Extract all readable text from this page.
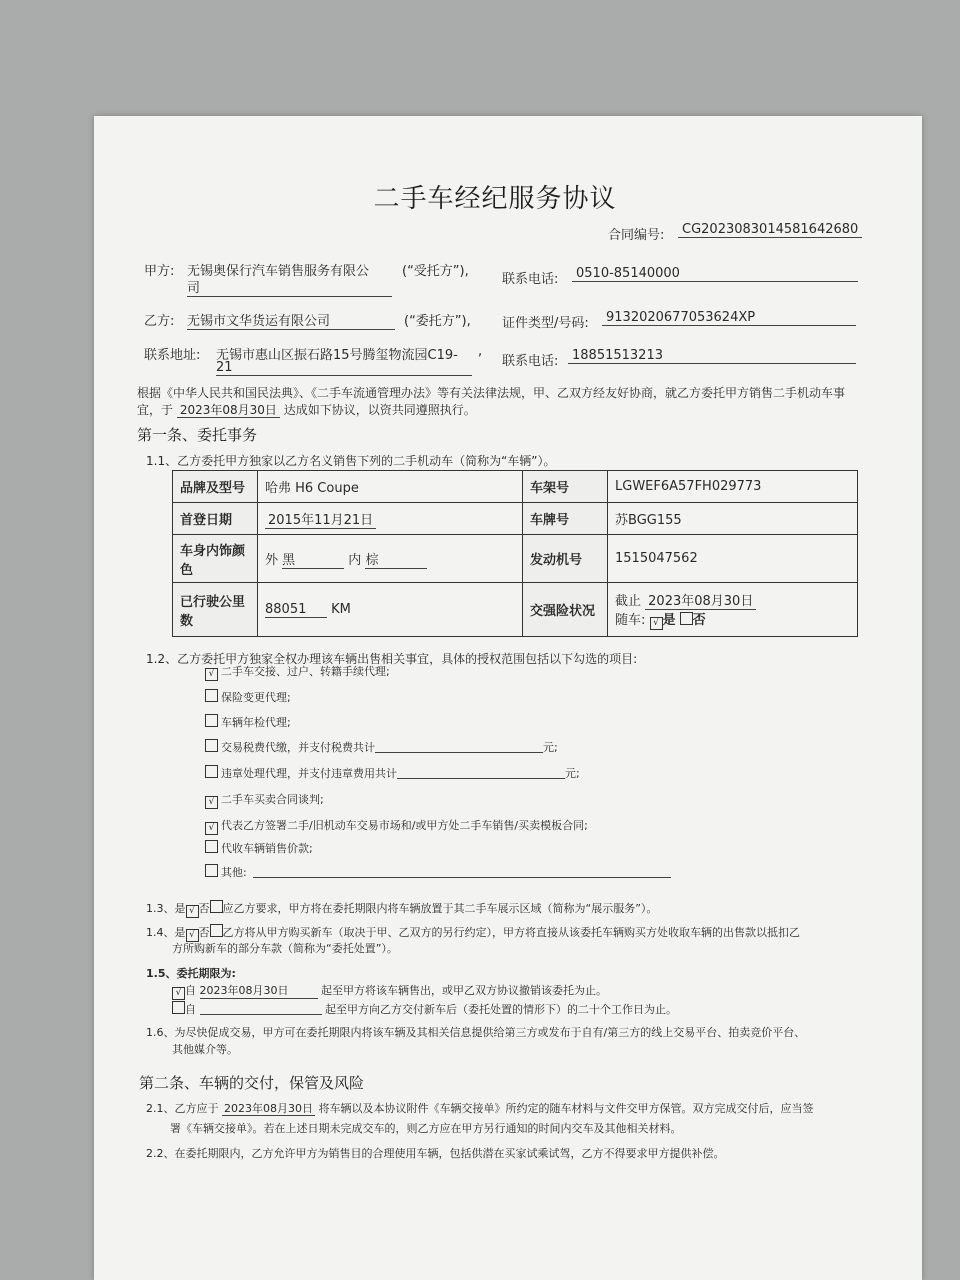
二手车经纪服务协议
合同编号:	CG2023083014581642680
甲方: 无锡奥保行汽车销售服务有限公
司
(“受托方”),
联系电话:	0510-85140000
乙方: 无锡市文华货运有限公司	(“委托方”), 证件类型/号码:	9132020677053624XP
联系地址: 无锡市惠山区振石路15号腾玺物流园C19-
21
,
联系电话:	18851513213
根据《中华人民共和国民法典》、《二手车流通管理办法》等有关法律法规，甲、乙双方经友好协商，就乙方委托甲方销售二手机动车事
宜，于 2023年08月30日 达成如下协议，以资共同遵照执行。
第一条、委托事务
1.1、乙方委托甲方独家以乙方名义销售下列的二手机动车（简称为“车辆”）。
品牌及型号	哈弗 H6 Coupe	车架号	LGWEF6A57FH029773
首登日期	2015年11月21日	车牌号	苏BGG155
车身内饰颜色	外 黑 内 棕	发动机号	1515047562
已行驶公里数	88051 KM	交强险状况	截止 2023年08月30日
随车: √ 是 否
1.2、乙方委托甲方独家全权办理该车辆出售相关事宜，具体的授权范围包括以下勾选的项目:
√ 二手车交接、过户、转籍手续代理;
保险变更代理;
车辆年检代理;
交易税费代缴，并支付税费共计	元;
违章处理代理，并支付违章费用共计	元;
√ 二手车买卖合同谈判;
√ 代表乙方签署二手/旧机动车交易市场和/或甲方处二手车销售/买卖模板合同;
代收车辆销售价款;
其他:
1.3、是 √ 否 应乙方要求，甲方将在委托期限内将车辆放置于其二手车展示区域（简称为“展示服务”）。
1.4、是 √ 否 乙方将从甲方购买新车（取决于甲、乙双方的另行约定），甲方将直接从该委托车辆购买方处收取车辆的出售款以抵扣乙
方所购新车的部分车款（简称为“委托处置”）。
1.5、委托期限为:
√ 自 2023年08月30日	起至甲方将该车辆售出，或甲乙双方协议撤销该委托为止。
自	起至甲方向乙方交付新车后（委托处置的情形下）的二十个工作日为止。
1.6、为尽快促成交易，甲方可在委托期限内将该车辆及其相关信息提供给第三方或发布于自有/第三方的线上交易平台、拍卖竞价平台、
其他媒介等。
第二条、车辆的交付，保管及风险
2.1、乙方应于 2023年08月30日 将车辆以及本协议附件《车辆交接单》所约定的随车材料与文件交甲方保管。双方完成交付后，应当签
署《车辆交接单》。若在上述日期未完成交车的，则乙方应在甲方另行通知的时间内交车及其他相关材料。
2.2、在委托期限内，乙方允许甲方为销售目的合理使用车辆，包括供潜在买家试乘试驾，乙方不得要求甲方提供补偿。
